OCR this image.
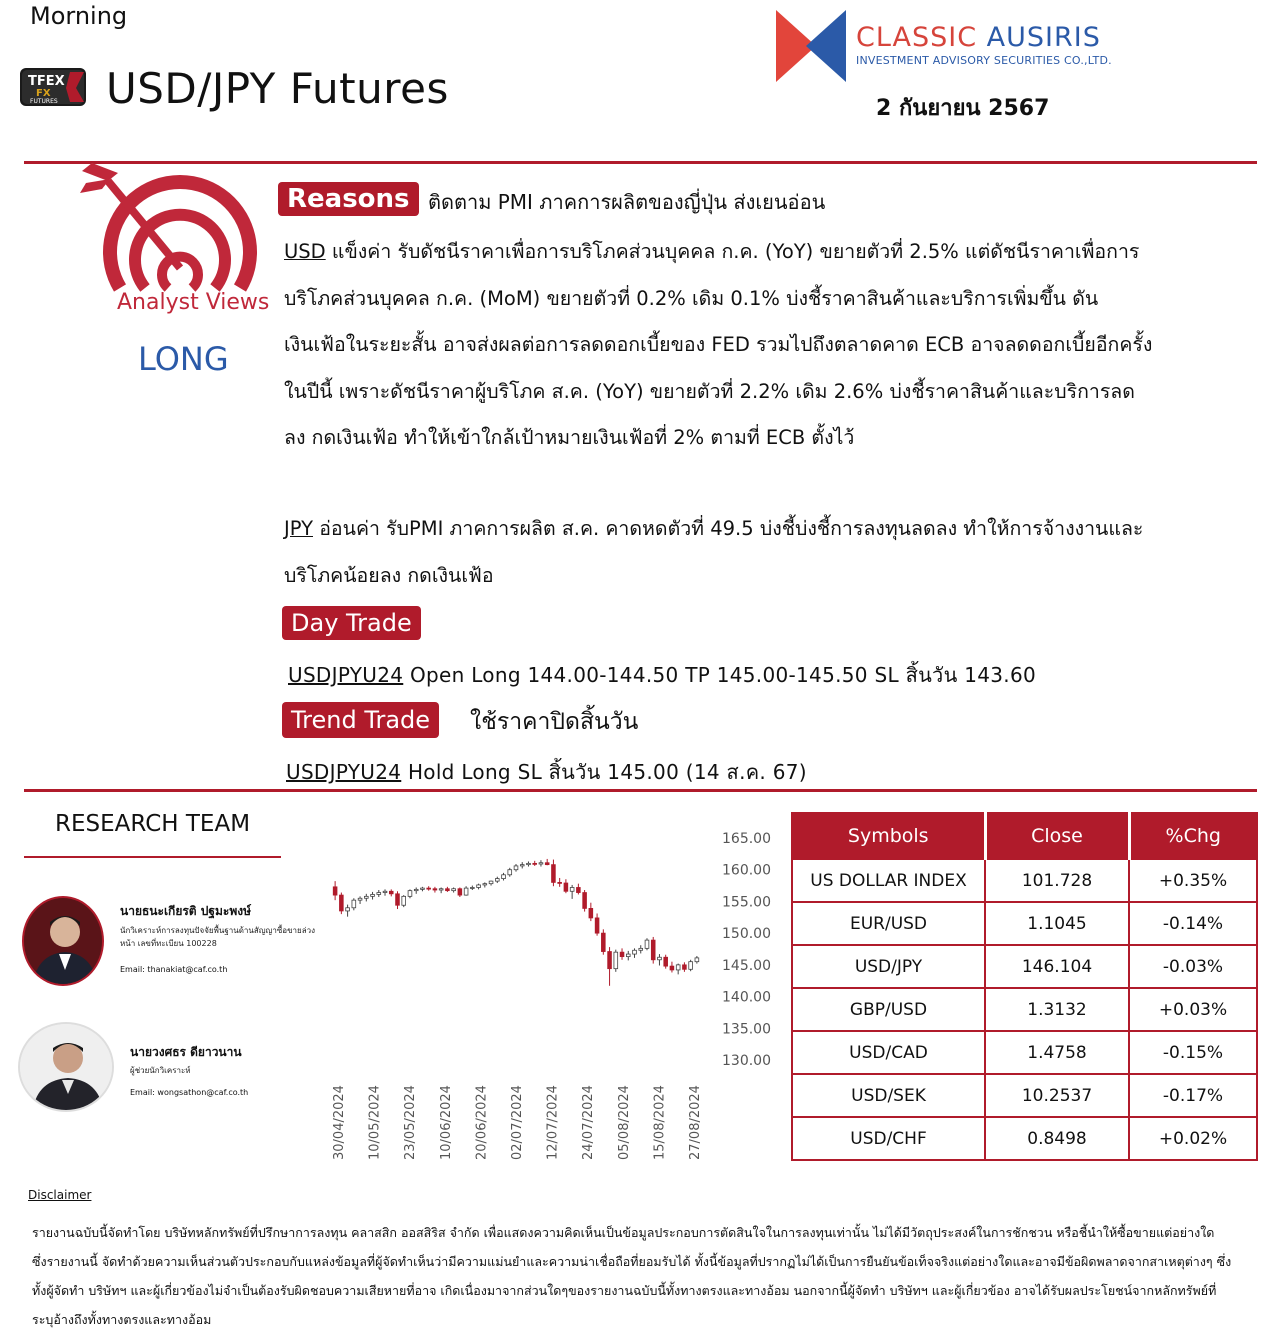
Morning
TFEX
FX
FUTURES USD/JPY Futures
CLASSIC AUSIRIS
INVESTMENT ADVISORY SECURITIES CO.,LTD.
2 กันยายน 2567
Analyst Views
LONG
Reasons ติดตาม PMI ภาคการผลิตของญี่ปุ่น ส่งเยนอ่อน
USD แข็งค่า รับดัชนีราคาเพื่อการบริโภคส่วนบุคคล ก.ค. (YoY) ขยายตัวที่ 2.5% แต่ดัชนีราคาเพื่อการบริโภคส่วนบุคคล ก.ค. (MoM) ขยายตัวที่ 0.2% เดิม 0.1% บ่งชี้ราคาสินค้าและบริการเพิ่มขึ้น ดันเงินเฟ้อในระยะสั้น อาจส่งผลต่อการลดดอกเบี้ยของ FED รวมไปถึงตลาดคาด ECB อาจลดดอกเบี้ยอีกครั้งในปีนี้ เพราะดัชนีราคาผู้บริโภค ส.ค. (YoY) ขยายตัวที่ 2.2% เดิม 2.6% บ่งชี้ราคาสินค้าและบริการลดลง กดเงินเฟ้อ ทำให้เข้าใกล้เป้าหมายเงินเฟ้อที่ 2% ตามที่ ECB ตั้งไว้
JPY อ่อนค่า รับPMI ภาคการผลิต ส.ค. คาดหดตัวที่ 49.5 บ่งชี้บ่งชี้การลงทุนลดลง ทำให้การจ้างงานและบริโภคน้อยลง กดเงินเฟ้อ
Day Trade
USDJPYU24 Open Long 144.00-144.50 TP 145.00-145.50 SL สิ้นวัน 143.60
Trend Trade	ใช้ราคาปิดสิ้นวัน
USDJPYU24 Hold Long SL สิ้นวัน 145.00 (14 ส.ค. 67)
RESEARCH TEAM
นายธนะเกียรติ ปฐมะพงษ์
นักวิเคราะห์การลงทุนปัจจัยพื้นฐานด้านสัญญาซื้อขายล่วงหน้า เลขที่ทะเบียน 100228
Email: thanakiat@caf.co.th
นายวงศธร ดียาวนาน
ผู้ช่วยนักวิเคราะห์
Email: wongsathon@caf.co.th
165.00
160.00
155.00
150.00
145.00
140.00
135.00
130.00
30/04/2024 10/05/2024 23/05/2024 10/06/2024 20/06/2024 02/07/2024 12/07/2024 24/07/2024 05/08/2024 15/08/2024 27/08/2024
Symbols	Close	%Chg
US DOLLAR INDEX	101.728	+0.35%
EUR/USD	1.1045	-0.14%
USD/JPY	146.104	-0.03%
GBP/USD	1.3132	+0.03%
USD/CAD	1.4758	-0.15%
USD/SEK	10.2537	-0.17%
USD/CHF	0.8498	+0.02%
Disclaimer
รายงานฉบับนี้จัดทำโดย บริษัทหลักทรัพย์ที่ปรึกษาการลงทุน คลาสสิก ออสสิริส จำกัด เพื่อแสดงความคิดเห็นเป็นข้อมูลประกอบการตัดสินใจในการลงทุนเท่านั้น ไม่ได้มีวัตถุประสงค์ในการชักชวน หรือชี้นำให้ซื้อขายแต่อย่างใด ซึ่งรายงานนี้ จัดทำด้วยความเห็นส่วนตัวประกอบกับแหล่งข้อมูลที่ผู้จัดทำเห็นว่ามีความแม่นยำและความน่าเชื่อถือที่ยอมรับได้ ทั้งนี้ข้อมูลที่ปรากฏไม่ได้เป็นการยืนยันข้อเท็จจริงแต่อย่างใดและอาจมีข้อผิดพลาดจากสาเหตุต่างๆ ซึ่งทั้งผู้จัดทำ บริษัทฯ และผู้เกี่ยวข้องไม่จำเป็นต้องรับผิดชอบความเสียหายที่อาจ เกิดเนื่องมาจากส่วนใดๆของรายงานฉบับนี้ทั้งทางตรงและทางอ้อม นอกจากนี้ผู้จัดทำ บริษัทฯ และผู้เกี่ยวข้อง อาจได้รับผลประโยชน์จากหลักทรัพย์ที่ระบุอ้างถึงทั้งทางตรงและทางอ้อม
